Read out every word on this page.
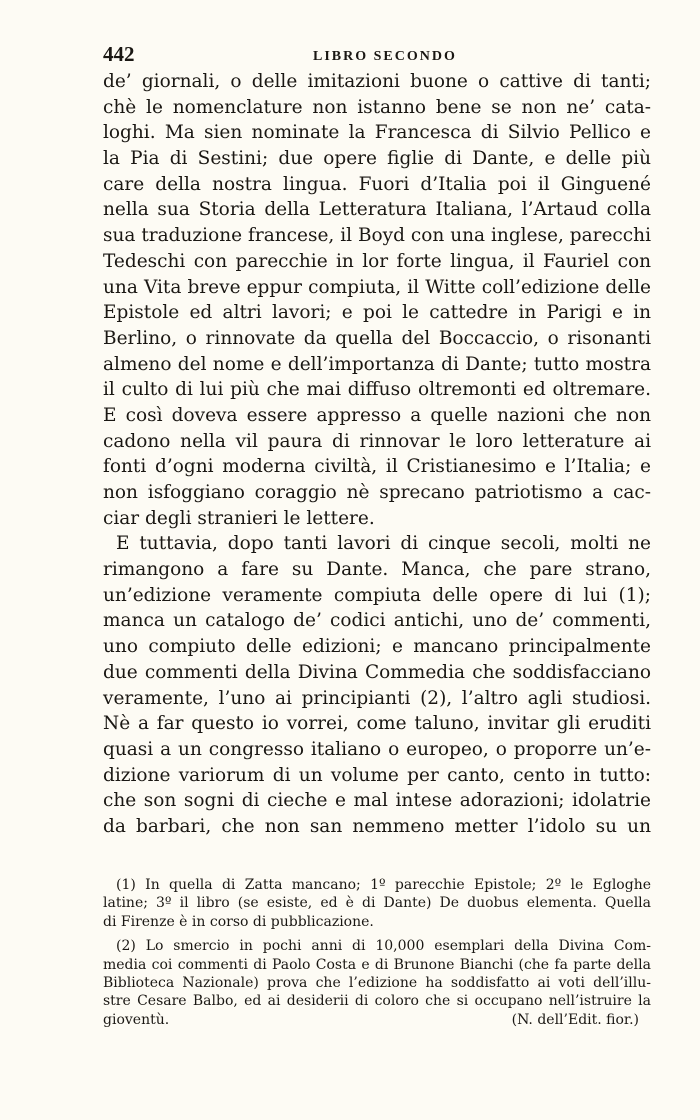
442	LIBRO SECONDO
de’ giornali, o delle imitazioni buone o cattive di tanti;
chè le nomenclature non istanno bene se non ne’ cata-
loghi. Ma sien nominate la Francesca di Silvio Pellico e
la Pia di Sestini; due opere figlie di Dante, e delle più
care della nostra lingua. Fuori d’Italia poi il Ginguené
nella sua Storia della Letteratura Italiana, l’Artaud colla
sua traduzione francese, il Boyd con una inglese, parecchi
Tedeschi con parecchie in lor forte lingua, il Fauriel con
una Vita breve eppur compiuta, il Witte coll’edizione delle
Epistole ed altri lavori; e poi le cattedre in Parigi e in
Berlino, o rinnovate da quella del Boccaccio, o risonanti
almeno del nome e dell’importanza di Dante; tutto mostra
il culto di lui più che mai diffuso oltremonti ed oltremare.
E così doveva essere appresso a quelle nazioni che non
cadono nella vil paura di rinnovar le loro letterature ai
fonti d’ogni moderna civiltà, il Cristianesimo e l’Italia; e
non isfoggiano coraggio nè sprecano patriotismo a cac-
ciar degli stranieri le lettere.
E tuttavia, dopo tanti lavori di cinque secoli, molti ne
rimangono a fare su Dante. Manca, che pare strano,
un’edizione veramente compiuta delle opere di lui (1);
manca un catalogo de’ codici antichi, uno de’ commenti,
uno compiuto delle edizioni; e mancano principalmente
due commenti della Divina Commedia che soddisfacciano
veramente, l’uno ai principianti (2), l’altro agli studiosi.
Nè a far questo io vorrei, come taluno, invitar gli eruditi
quasi a un congresso italiano o europeo, o proporre un’e-
dizione variorum di un volume per canto, cento in tutto:
che son sogni di cieche e mal intese adorazioni; idolatrie
da barbari, che non san nemmeno metter l’idolo su un
(1) In quella di Zatta mancano; 1º parecchie Epistole; 2º le Egloghe
latine; 3º il libro (se esiste, ed è di Dante) De duobus elementa. Quella
di Firenze è in corso di pubblicazione.
(2) Lo smercio in pochi anni di 10,000 esemplari della Divina Com-
media coi commenti di Paolo Costa e di Brunone Bianchi (che fa parte della
Biblioteca Nazionale) prova che l’edizione ha soddisfatto ai voti dell’illu-
stre Cesare Balbo, ed ai desiderii di coloro che si occupano nell’istruire la
gioventù.	(N. dell’Edit. fior.)
